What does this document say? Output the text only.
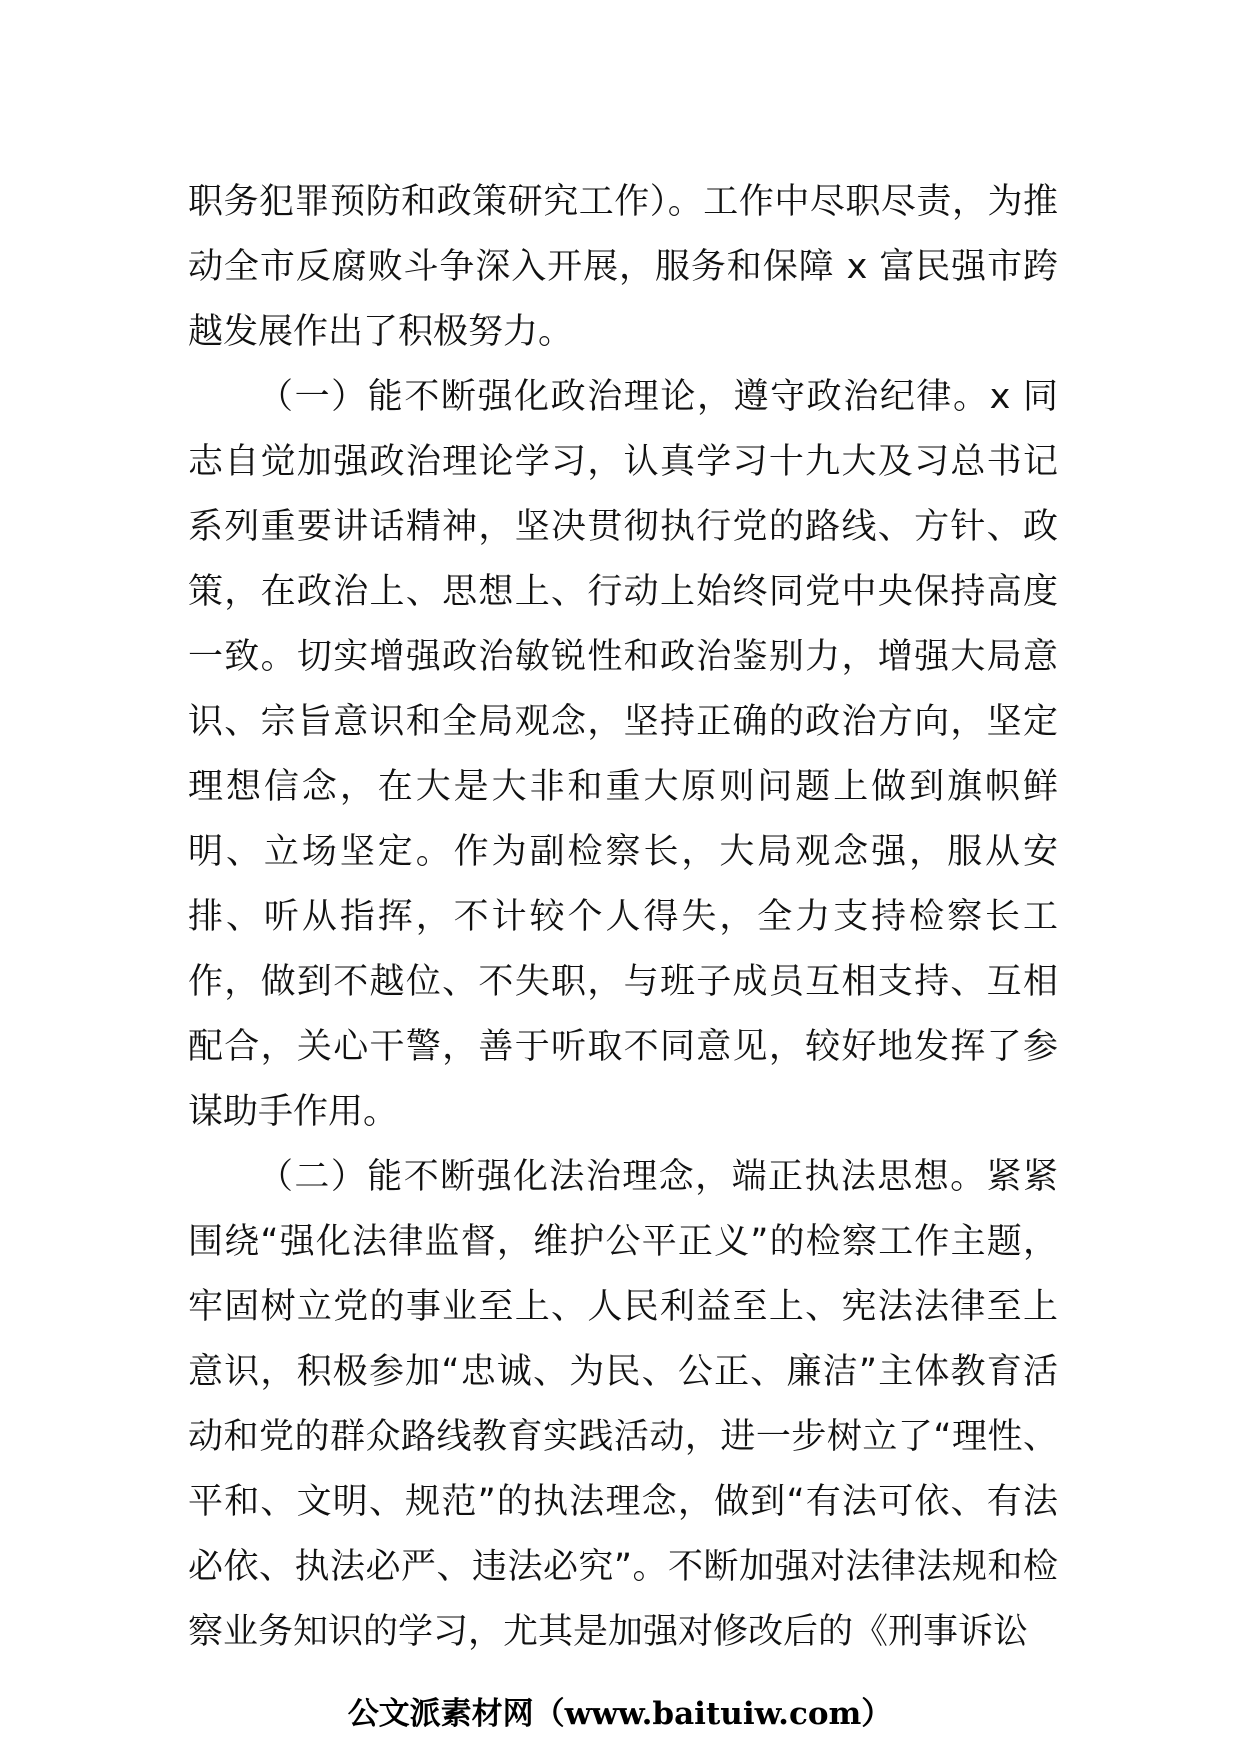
职务犯罪预防和政策研究工作）。工作中尽职尽责，为推动全市反腐败斗争深入开展，服务和保障 x 富民强市跨越发展作出了积极努力。

（一）能不断强化政治理论，遵守政治纪律。x 同志自觉加强政治理论学习，认真学习十九大及习总书记系列重要讲话精神，坚决贯彻执行党的路线、方针、政策，在政治上、思想上、行动上始终同党中央保持高度一致。切实增强政治敏锐性和政治鉴别力，增强大局意识、宗旨意识和全局观念，坚持正确的政治方向，坚定理想信念，在大是大非和重大原则问题上做到旗帜鲜明、立场坚定。作为副检察长，大局观念强，服从安排、听从指挥，不计较个人得失，全力支持检察长工作，做到不越位、不失职，与班子成员互相支持、互相配合，关心干警，善于听取不同意见，较好地发挥了参谋助手作用。

（二）能不断强化法治理念，端正执法思想。紧紧围绕“强化法律监督，维护公平正义”的检察工作主题，牢固树立党的事业至上、人民利益至上、宪法法律至上意识，积极参加“忠诚、为民、公正、廉洁”主体教育活动和党的群众路线教育实践活动，进一步树立了“理性、平和、文明、规范”的执法理念，做到“有法可依、有法必依、执法必严、违法必究”。不断加强对法律法规和检察业务知识的学习，尤其是加强对修改后的《刑事诉讼

公文派素材网（www.baituiw.com）
